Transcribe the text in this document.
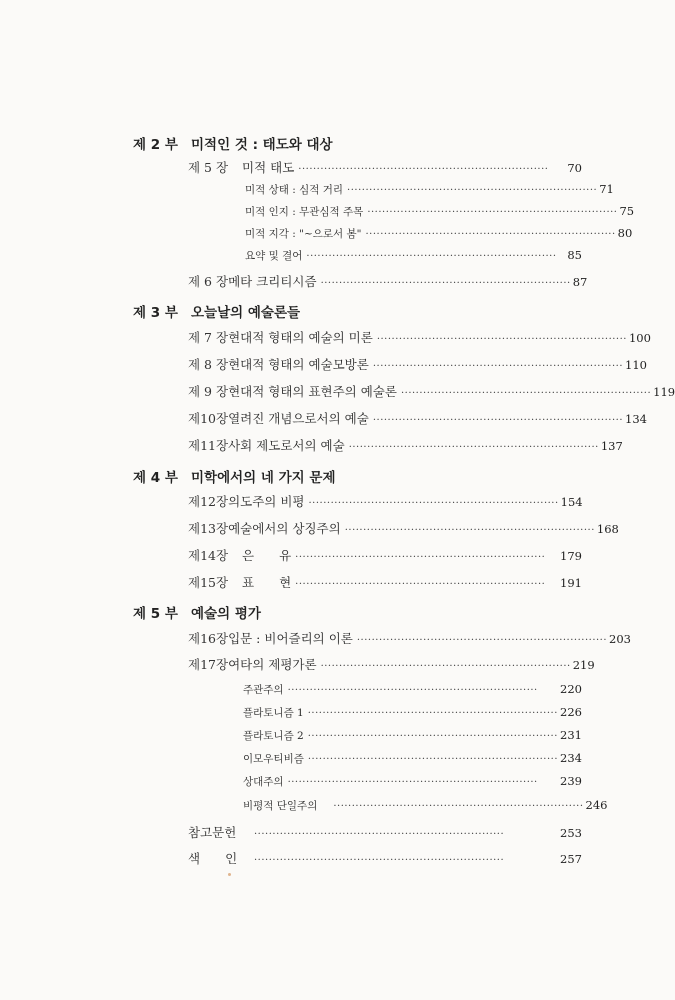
제 2 부 미적인 것 : 태도와 대상
제 5 장	미적 태도 ····································································	70
미적 상태 : 심적 거리 ···································································· 71
미적 인지 : 무관심적 주목 ···································································· 75
미적 지각 : "~으로서 봄" ···································································· 80
요약 및 결어 ···································································· 85
제 6 장 메타 크리티시즘 ···································································· 87
제 3 부 오늘날의 예술론들
제 7 장 현대적 형태의 예술의 미론 ···································································· 100
제 8 장 현대적 형태의 예술모방론 ···································································· 110
제 9 장 현대적 형태의 표현주의 예술론 ···································································· 119
제10장 열려진 개념으로서의 예술 ···································································· 134
제11장 사회 제도로서의 예술 ···································································· 137
제 4 부 미학에서의 네 가지 문제
제12장 의도주의 비평 ···································································· 154
제13장 예술에서의 상징주의 ···································································· 168
제14장	은　　유 ····································································	179
제15장	표　　현 ····································································	191
제 5 부 예술의 평가
제16장 입문 : 비어즐리의 이론 ···································································· 203
제17장 여타의 제평가론 ···································································· 219
주관주의 ····································································	220
플라토니즘 1 ···································································· 226
플라토니즘 2 ···································································· 231
이모우티비즘 ···································································· 234
상대주의 ····································································	239
비평적 단일주의	···································································· 246
참고문헌	····································································	253
색　　인	····································································	257
